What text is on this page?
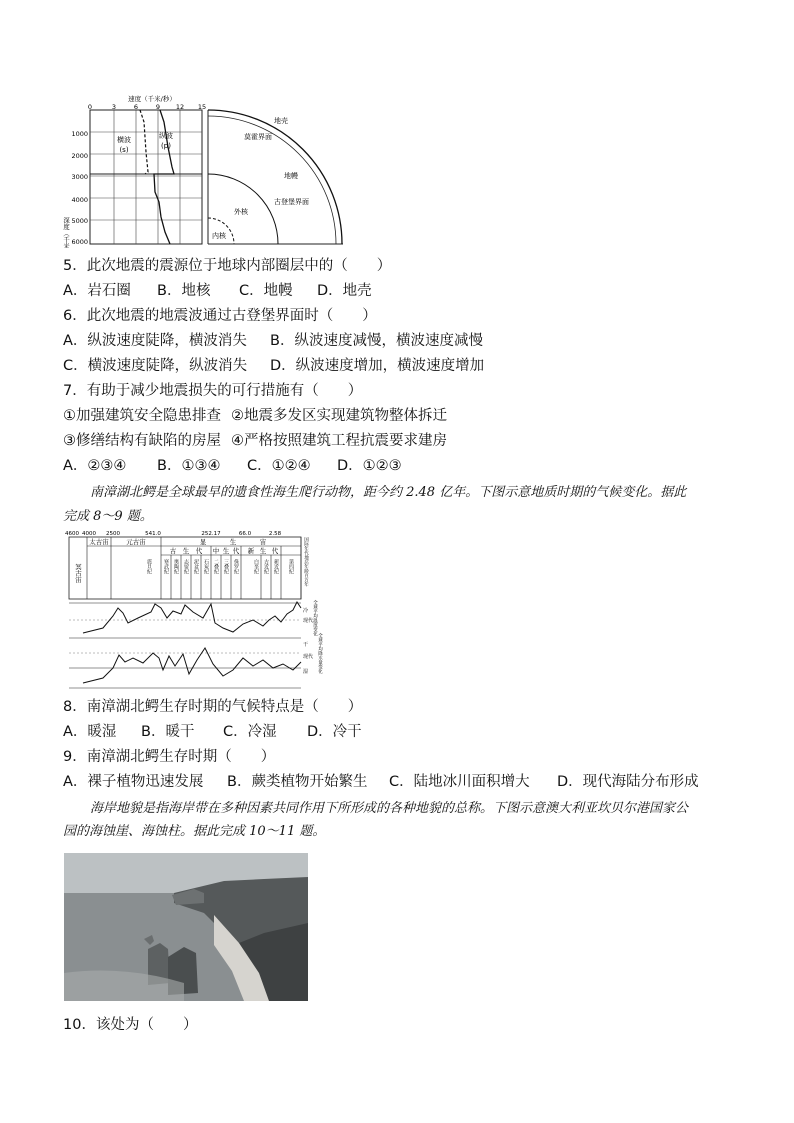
速度（千米/秒）
0	3	6	9 12 15
1000
2000
3000
4000
5000
6000
深度（千米）
横波
(s)
纵波
(p)
地壳
莫霍界面
地幔
古登堡界面
外核
内核
5．此次地震的震源位于地球内部圈层中的（　　）
A．岩石圈 B．地核 C．地幔 D．地壳
6．此次地震的地震波通过古登堡界面时（　　）
A．纵波速度陡降，横波消失 B．纵波速度减慢，横波速度减慢
C．横波速度陡降，纵波消失 D．纵波速度增加，横波速度增加
7．有助于减少地震损失的可行措施有（　　）
①加强建筑安全隐患排查 ②地震多发区实现建筑物整体拆迁
③修缮结构有缺陷的房屋 ④严格按照建筑工程抗震要求建房
A．②③④ B．①③④ C．①②④ D．①②③
南漳湖北鳄是全球最早的遗食性海生爬行动物，距今约 2.48 亿年。下图示意地质时期的气候变化。据此
完成 8～9 题。
4600 4000 2500	541.0	252.17	66.0	2.58
太古宙	元古宙	显	生	宙
冥古宙
古 生 代 中 生 代 新 生 代
震旦纪 寒武纪 奥陶纪 志留纪 泥盆纪 石炭纪 二叠纪 三叠纪 侏罗纪	白垩纪 古近纪 新近纪 第四纪 国际年代地层年龄百万年
冷
现代
干
现代
湿
全球平均温度变化
全球平均降水量变化
8．南漳湖北鳄生存时期的气候特点是（　　）
A．暖湿 B．暖干 C．冷湿 D．冷干
9．南漳湖北鳄生存时期（　　）
A．裸子植物迅速发展 B．蕨类植物开始繁生 C．陆地冰川面积增大 D．现代海陆分布形成
海岸地貌是指海岸带在多种因素共同作用下所形成的各种地貌的总称。下图示意澳大利亚坎贝尔港国家公
园的海蚀崖、海蚀柱。据此完成 10～11 题。
10．该处为（　　）
